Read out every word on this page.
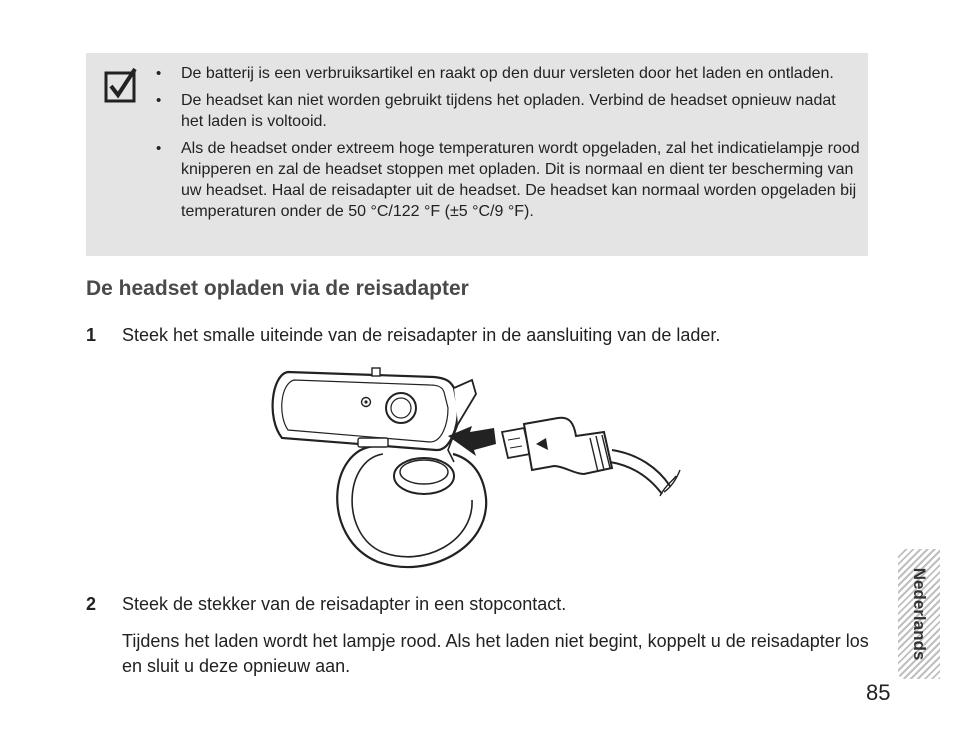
• De batterij is een verbruiksartikel en raakt op den duur versleten door het laden en ontladen.
• De headset kan niet worden gebruikt tijdens het opladen. Verbind de headset opnieuw nadat het laden is voltooid.
• Als de headset onder extreem hoge temperaturen wordt opgeladen, zal het indicatielampje rood knipperen en zal de headset stoppen met opladen. Dit is normaal en dient ter bescherming van uw headset. Haal de reisadapter uit de headset. De headset kan normaal worden opgeladen bij temperaturen onder de 50 °C/122 °F (±5 °C/9 °F).
De headset opladen via de reisadapter
1 Steek het smalle uiteinde van de reisadapter in de aansluiting van de lader.
2 Steek de stekker van de reisadapter in een stopcontact.

Tijdens het laden wordt het lampje rood. Als het laden niet begint, koppelt u de reisadapter los en sluit u deze opnieuw aan.

Nederlands
85
